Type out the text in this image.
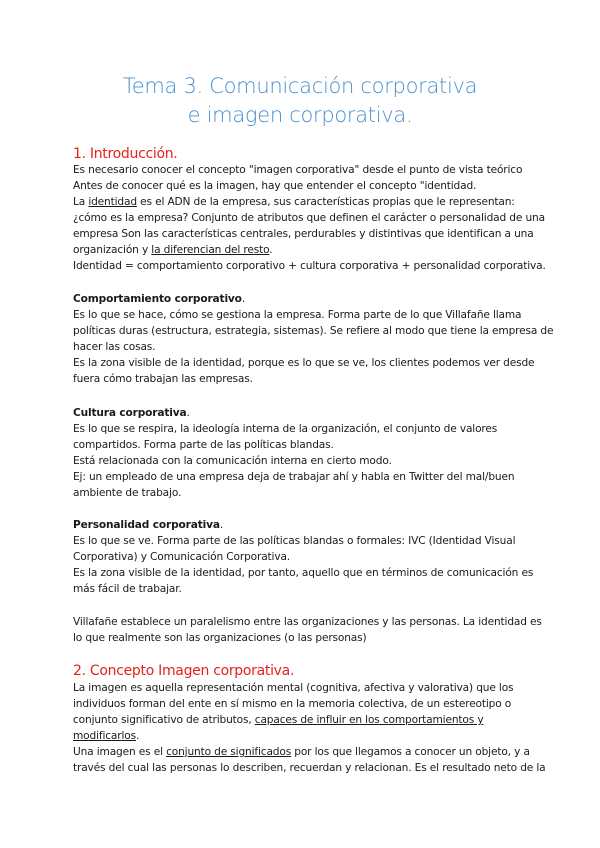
Tema 3. Comunicación corporativa
e imagen corporativa.
1. Introducción.
Es necesario conocer el concepto "imagen corporativa" desde el punto de vista teórico
Antes de conocer qué es la imagen, hay que entender el concepto "identidad.
La identidad es el ADN de la empresa, sus características propias que le representan:
¿cómo es la empresa? Conjunto de atributos que definen el carácter o personalidad de una
empresa Son las características centrales, perdurables y distintivas que identifican a una
organización y la diferencian del resto.
Identidad = comportamiento corporativo + cultura corporativa + personalidad corporativa.
Comportamiento corporativo.
Es lo que se hace, cómo se gestiona la empresa. Forma parte de lo que Villafañe llama
políticas duras (estructura, estrategia, sistemas). Se refiere al modo que tiene la empresa de
hacer las cosas.
Es la zona visible de la identidad, porque es lo que se ve, los clientes podemos ver desde
fuera cómo trabajan las empresas.
Cultura corporativa.
Es lo que se respira, la ideología interna de la organización, el conjunto de valores
compartidos. Forma parte de las políticas blandas.
Está relacionada con la comunicación interna en cierto modo.
Ej: un empleado de una empresa deja de trabajar ahí y habla en Twitter del mal/buen
ambiente de trabajo.
Personalidad corporativa.
Es lo que se ve. Forma parte de las políticas blandas o formales: IVC (Identidad Visual
Corporativa) y Comunicación Corporativa.
Es la zona visible de la identidad, por tanto, aquello que en términos de comunicación es
más fácil de trabajar.
Villafañe establece un paralelismo entre las organizaciones y las personas. La identidad es
lo que realmente son las organizaciones (o las personas)
2. Concepto Imagen corporativa.
La imagen es aquella representación mental (cognitiva, afectiva y valorativa) que los
individuos forman del ente en sí mismo en la memoria colectiva, de un estereotipo o
conjunto significativo de atributos, capaces de influir en los comportamientos y
modificarlos.
Una imagen es el conjunto de significados por los que llegamos a conocer un objeto, y a
través del cual las personas lo describen, recuerdan y relacionan. Es el resultado neto de la
